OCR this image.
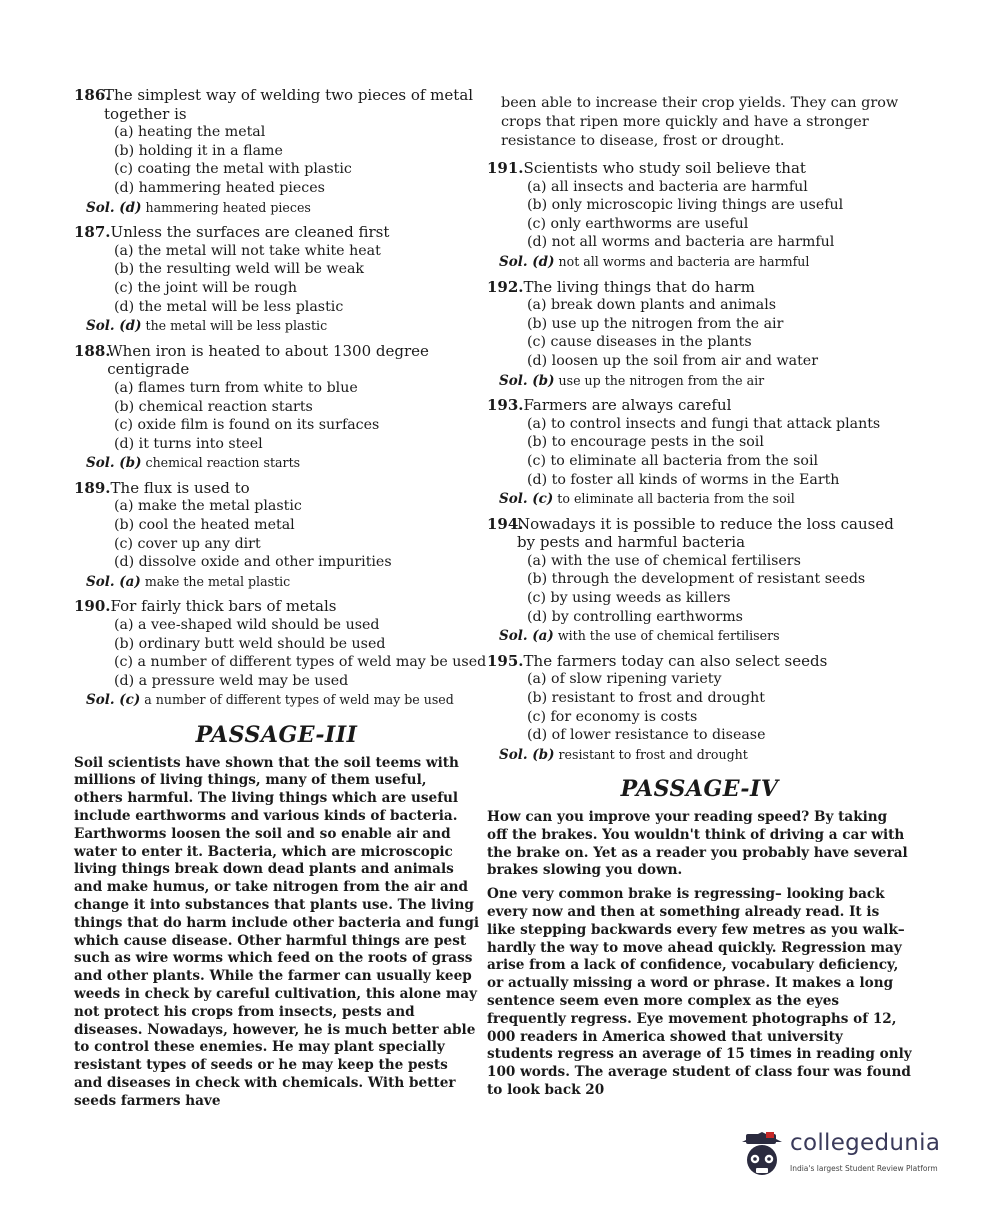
186.
The simplest way of welding two pieces of metal together is
(a) heating the metal
(b) holding it in a flame
(c) coating the metal with plastic
(d) hammering heated pieces
Sol. (d) hammering heated pieces
187. Unless the surfaces are cleaned first
(a) the metal will not take white heat
(b) the resulting weld will be weak
(c) the joint will be rough
(d) the metal will be less plastic
Sol. (d) the metal will be less plastic
188.
When iron is heated to about 1300 degree centigrade
(a) flames turn from white to blue
(b) chemical reaction starts
(c) oxide film is found on its surfaces
(d) it turns into steel
Sol. (b) chemical reaction starts
189. The flux is used to
(a) make the metal plastic
(b) cool the heated metal
(c) cover up any dirt
(d) dissolve oxide and other impurities
Sol. (a) make the metal plastic
190. For fairly thick bars of metals
(a) a vee-shaped wild should be used
(b) ordinary butt weld should be used
(c) a number of different types of weld may be used
(d) a pressure weld may be used
Sol. (c) a number of different types of weld may be used
PASSAGE-III

Soil scientists have shown that the soil teems with millions of living things, many of them useful, others harmful. The living things which are useful include earthworms and various kinds of bacteria. Earthworms loosen the soil and so enable air and water to enter it. Bacteria, which are microscopic living things break down dead plants and animals and make humus, or take nitrogen from the air and change it into substances that plants use. The living things that do harm include other bacteria and fungi which cause disease. Other harmful things are pest such as wire worms which feed on the roots of grass and other plants. While the farmer can usually keep weeds in check by careful cultivation, this alone may not protect his crops from insects, pests and diseases. Nowadays, however, he is much better able to control these enemies. He may plant specially resistant types of seeds or he may keep the pests and diseases in check with chemicals. With better seeds farmers have

been able to increase their crop yields. They can grow crops that ripen more quickly and have a stronger resistance to disease, frost or drought.
191. Scientists who study soil believe that
(a) all insects and bacteria are harmful
(b) only microscopic living things are useful
(c) only earthworms are useful
(d) not all worms and bacteria are harmful
Sol. (d) not all worms and bacteria are harmful
192. The living things that do harm
(a) break down plants and animals
(b) use up the nitrogen from the air
(c) cause diseases in the plants
(d) loosen up the soil from air and water
Sol. (b) use up the nitrogen from the air
193. Farmers are always careful
(a) to control insects and fungi that attack plants
(b) to encourage pests in the soil
(c) to eliminate all bacteria from the soil
(d) to foster all kinds of worms in the Earth
Sol. (c) to eliminate all bacteria from the soil
194.
Nowadays it is possible to reduce the loss caused by pests and harmful bacteria
(a) with the use of chemical fertilisers
(b) through the development of resistant seeds
(c) by using weeds as killers
(d) by controlling earthworms
Sol. (a) with the use of chemical fertilisers
195. The farmers today can also select seeds
(a) of slow ripening variety
(b) resistant to frost and drought
(c) for economy is costs
(d) of lower resistance to disease
Sol. (b) resistant to frost and drought
PASSAGE-IV

How can you improve your reading speed? By taking off the brakes. You wouldn't think of driving a car with the brake on. Yet as a reader you probably have several brakes slowing you down.

One very common brake is regressing– looking back every now and then at something already read. It is like stepping backwards every few metres as you walk– hardly the way to move ahead quickly. Regression may arise from a lack of confidence, vocabulary deficiency, or actually missing a word or phrase. It makes a long sentence seem even more complex as the eyes frequently regress. Eye movement photographs of 12, 000 readers in America showed that university students regress an average of 15 times in reading only 100 words. The average student of class four was found to look back 20

collegedunia
India's largest Student Review Platform
